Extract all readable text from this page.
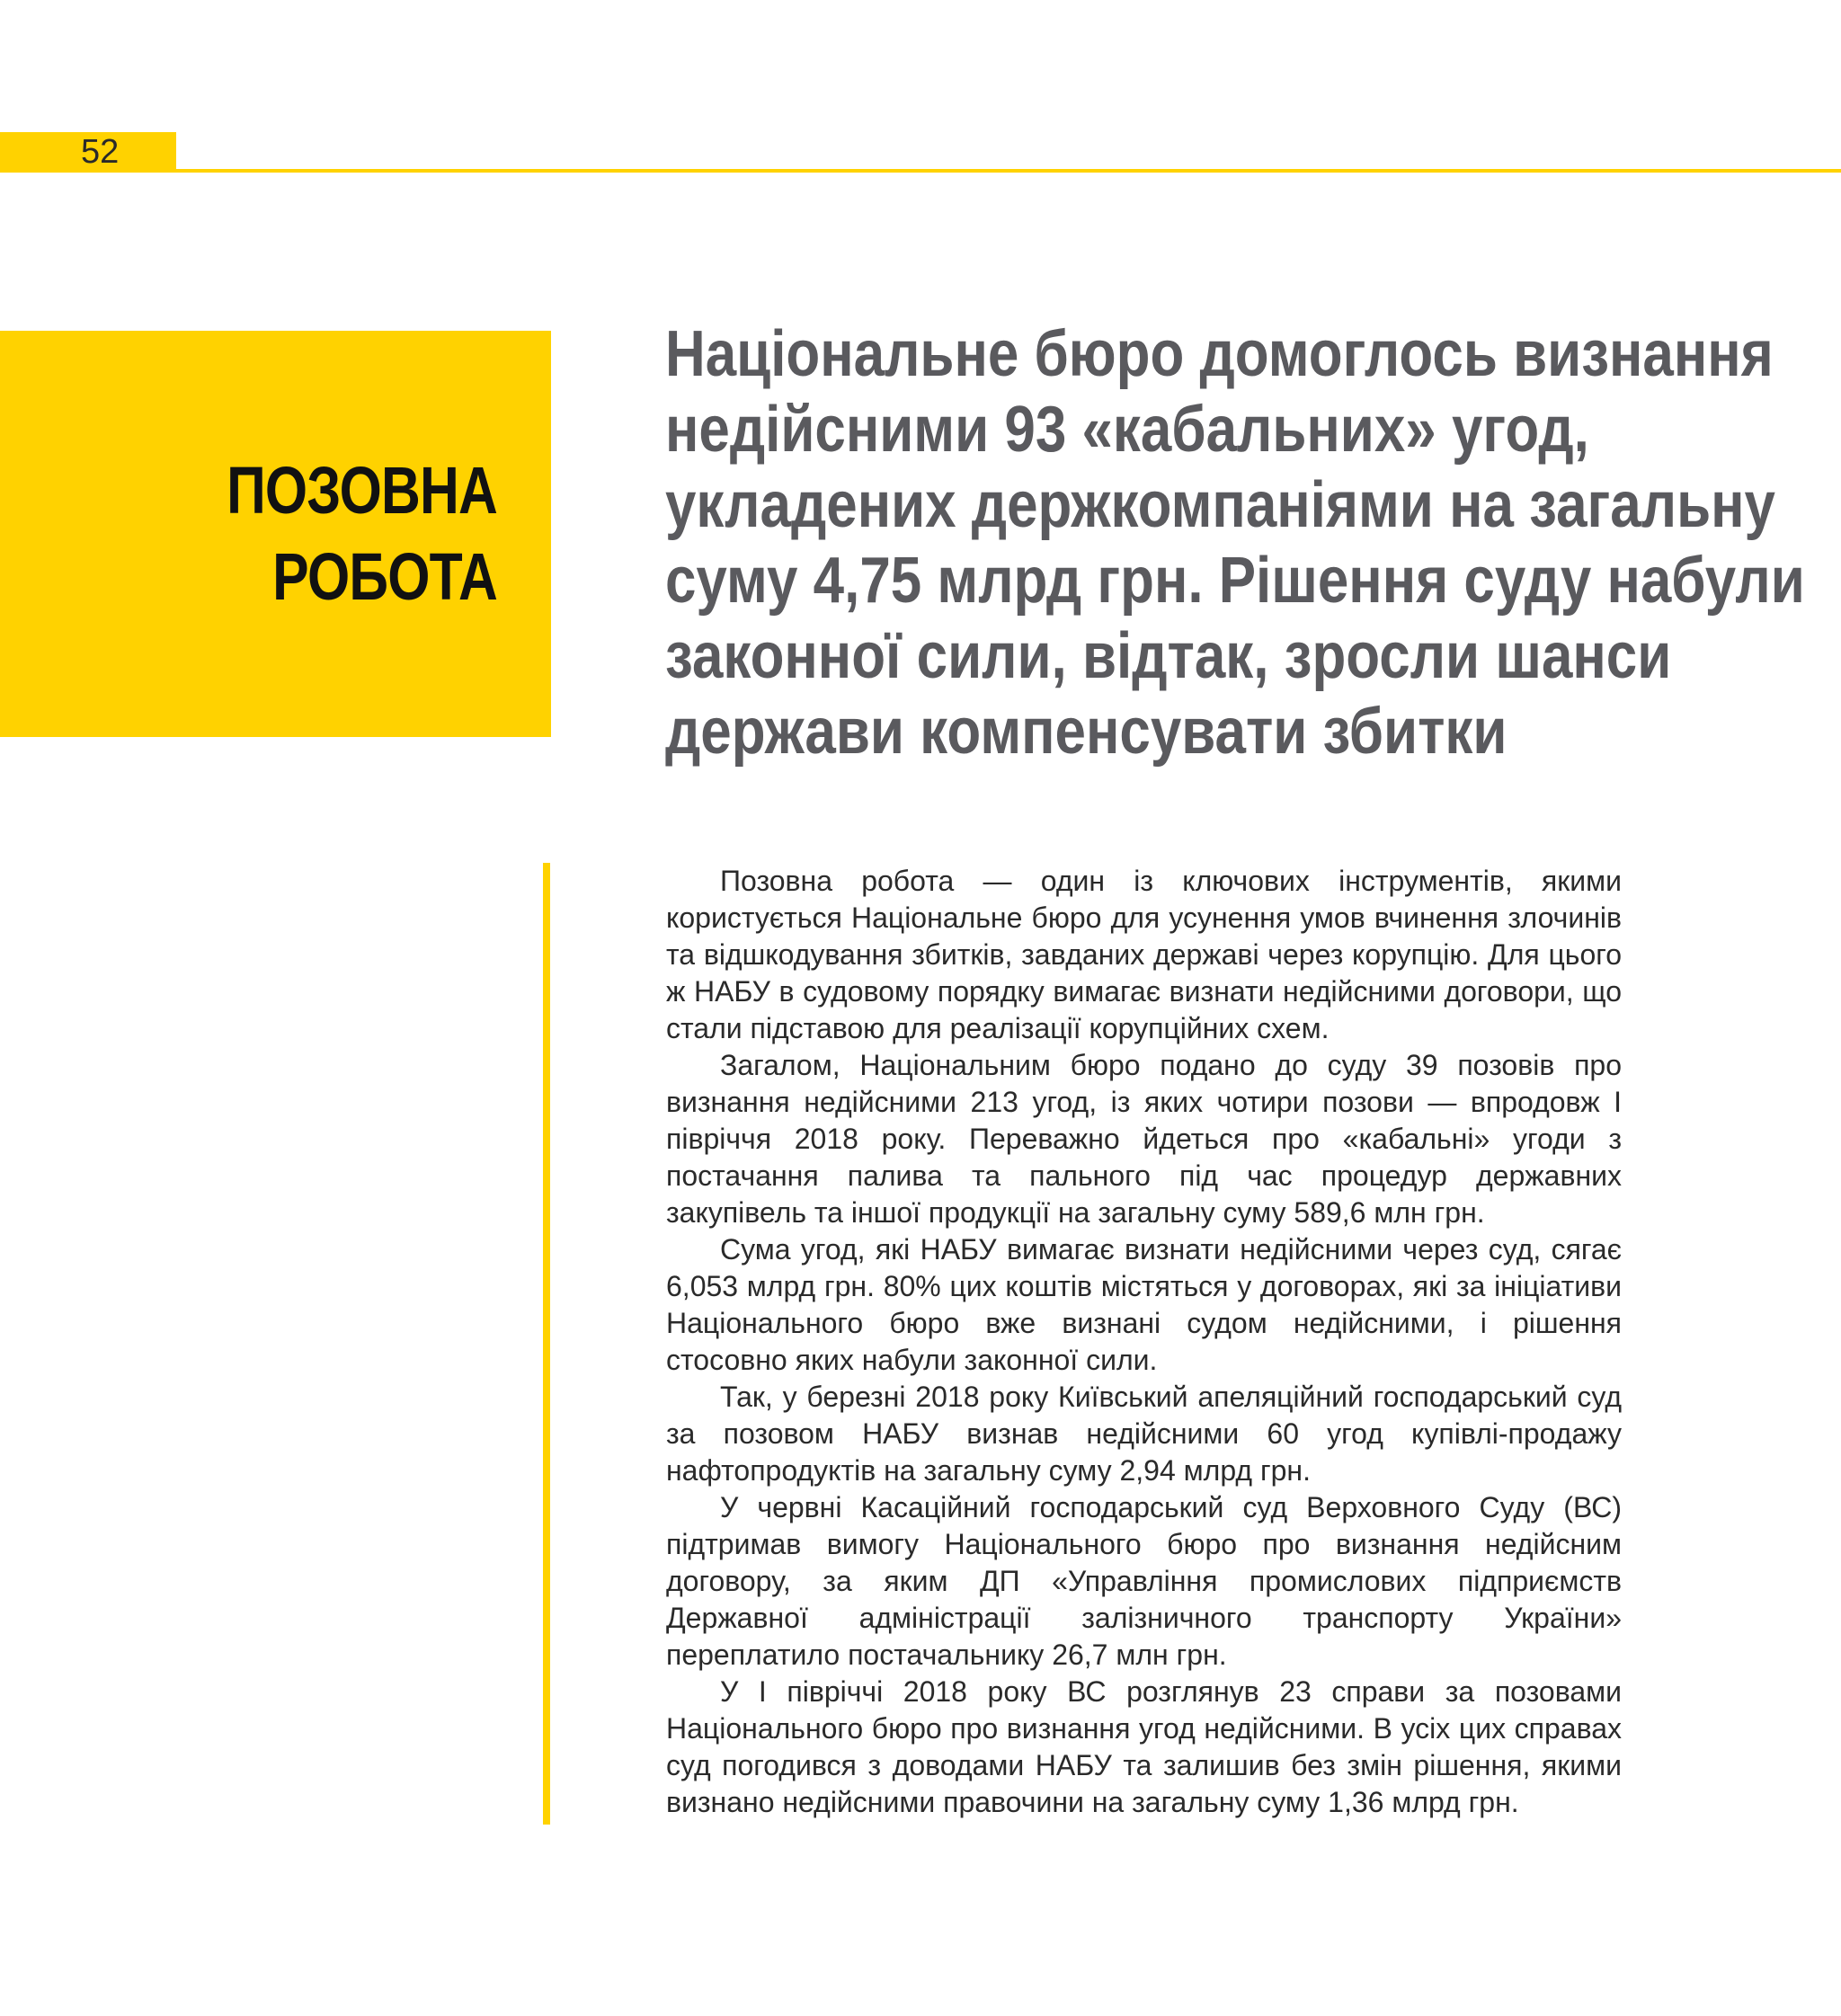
52
ПОЗОВНА
РОБОТА
Національне бюро домоглось визнання
недійсними 93 «кабальних» угод,
укладених держкомпаніями на загальну
суму 4,75 млрд грн. Рішення суду набули
законної сили, відтак, зросли шанси
держави компенсувати збитки

Позовна робота — один із ключових інструментів, якими користується Національне бюро для усунення умов вчинення злочинів та відшкодування збитків, завданих державі через корупцію. Для цього ж НАБУ в судовому порядку вимагає визнати недійсними договори, що стали підставою для реалізації корупційних схем.

Загалом, Національним бюро подано до суду 39 позовів про визнання недійсними 213 угод, із яких чотири позови — впродовж І півріччя 2018 року. Переважно йдеться про «кабальні» угоди з постачання палива та пального під час процедур державних закупівель та іншої продукції на загальну суму 589,6 млн грн.

Сума угод, які НАБУ вимагає визнати недійсними через суд, сягає 6,053 млрд грн. 80% цих коштів містяться у договорах, які за ініціативи Національного бюро вже визнані судом недійсними, і рішення стосовно яких набули законної сили.

Так, у березні 2018 року Київський апеляційний господарський суд за позовом НАБУ визнав недійсними 60 угод купівлі-продажу нафтопродуктів на загальну суму 2,94 млрд грн.

У червні Касаційний господарський суд Верховного Суду (ВС) підтримав вимогу Національного бюро про визнання недійсним договору, за яким ДП «Управління промислових підприємств Державної адміністрації залізничного транспорту України» переплатило постачальнику 26,7 млн грн.

У І півріччі 2018 року ВС розглянув 23 справи за позовами Національного бюро про визнання угод недійсними. В усіх цих справах суд погодився з доводами НАБУ та залишив без змін рішення, якими визнано недійсними правочини на загальну суму 1,36 млрд грн.
